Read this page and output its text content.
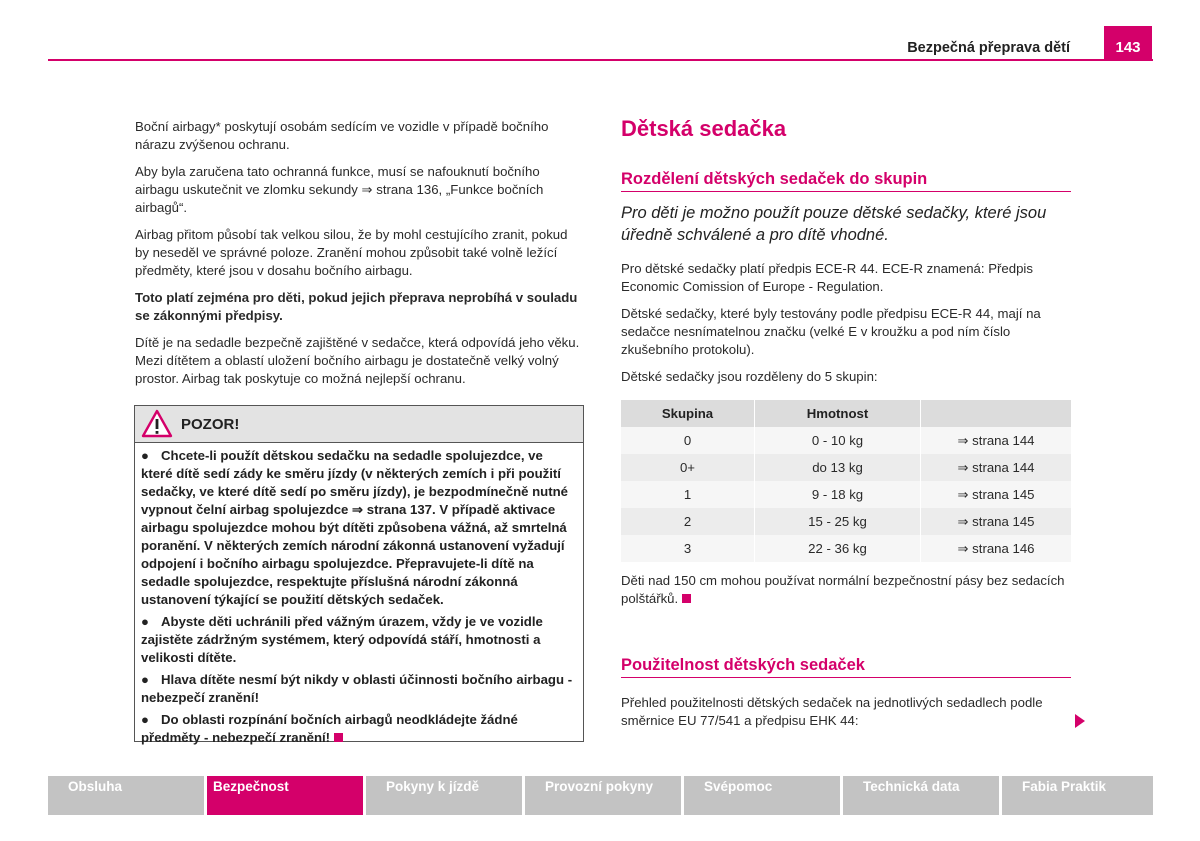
Bezpečná přeprava dětí	143

Boční airbagy* poskytují osobám sedícím ve vozidle v případě bočního nárazu zvýšenou ochranu.

Aby byla zaručena tato ochranná funkce, musí se nafouknutí bočního airbagu uskutečnit ve zlomku sekundy ⇒ strana 136, „Funkce bočních airbagů“.

Airbag přitom působí tak velkou silou, že by mohl cestujícího zranit, pokud by neseděl ve správné poloze. Zranění mohou způsobit také volně ležící předměty, které jsou v dosahu bočního airbagu.

Toto platí zejména pro děti, pokud jejich přeprava neprobíhá v souladu se zákonnými předpisy.

Dítě je na sedadle bezpečně zajištěné v sedačce, která odpovídá jeho věku. Mezi dítětem a oblastí uložení bočního airbagu je dostatečně velký volný prostor. Airbag tak poskytuje co možná nejlepší ochranu.

POZOR!
● Chcete-li použít dětskou sedačku na sedadle spolujezdce, ve které dítě sedí zády ke směru jízdy (v některých zemích i při použití sedačky, ve které dítě sedí po směru jízdy), je bezpodmínečně nutné vypnout čelní airbag spolujezdce ⇒ strana 137. V případě aktivace airbagu spolujezdce mohou být dítěti způsobena vážná, až smrtelná poranění. V některých zemích národní zákonná ustanovení vyžadují odpojení i bočního airbagu spolujezdce. Přepravujete-li dítě na sedadle spolujezdce, respektujte příslušná národní zákonná ustanovení týkající se použití dětských sedaček.
● Abyste děti uchránili před vážným úrazem, vždy je ve vozidle zajistěte zádržným systémem, který odpovídá stáří, hmotnosti a velikosti dítěte.
● Hlava dítěte nesmí být nikdy v oblasti účinnosti bočního airbagu - nebezpečí zranění!
● Do oblasti rozpínání bočních airbagů neodkládejte žádné předměty - nebezpečí zranění!
Dětská sedačka
Rozdělení dětských sedaček do skupin

Pro děti je možno použít pouze dětské sedačky, které jsou úředně schválené a pro dítě vhodné.

Pro dětské sedačky platí předpis ECE-R 44. ECE-R znamená: Předpis Economic Comission of Europe - Regulation.

Dětské sedačky, které byly testovány podle předpisu ECE-R 44, mají na sedačce nesnímatelnou značku (velké E v kroužku a pod ním číslo zkušebního protokolu).

Dětské sedačky jsou rozděleny do 5 skupin:

Skupina	Hmotnost	
0	0 - 10 kg	⇒ strana 144
0+	do 13 kg	⇒ strana 144
1	9 - 18 kg	⇒ strana 145
2	15 - 25 kg	⇒ strana 145
3	22 - 36 kg	⇒ strana 146

Děti nad 150 cm mohou používat normální bezpečnostní pásy bez sedacích polštářků.

Použitelnost dětských sedaček

Přehled použitelnosti dětských sedaček na jednotlivých sedadlech podle směrnice EU 77/541 a předpisu EHK 44:

Obsluha	Bezpečnost	Pokyny k jízdě	Provozní pokyny	Svépomoc	Technická data	Fabia Praktik
